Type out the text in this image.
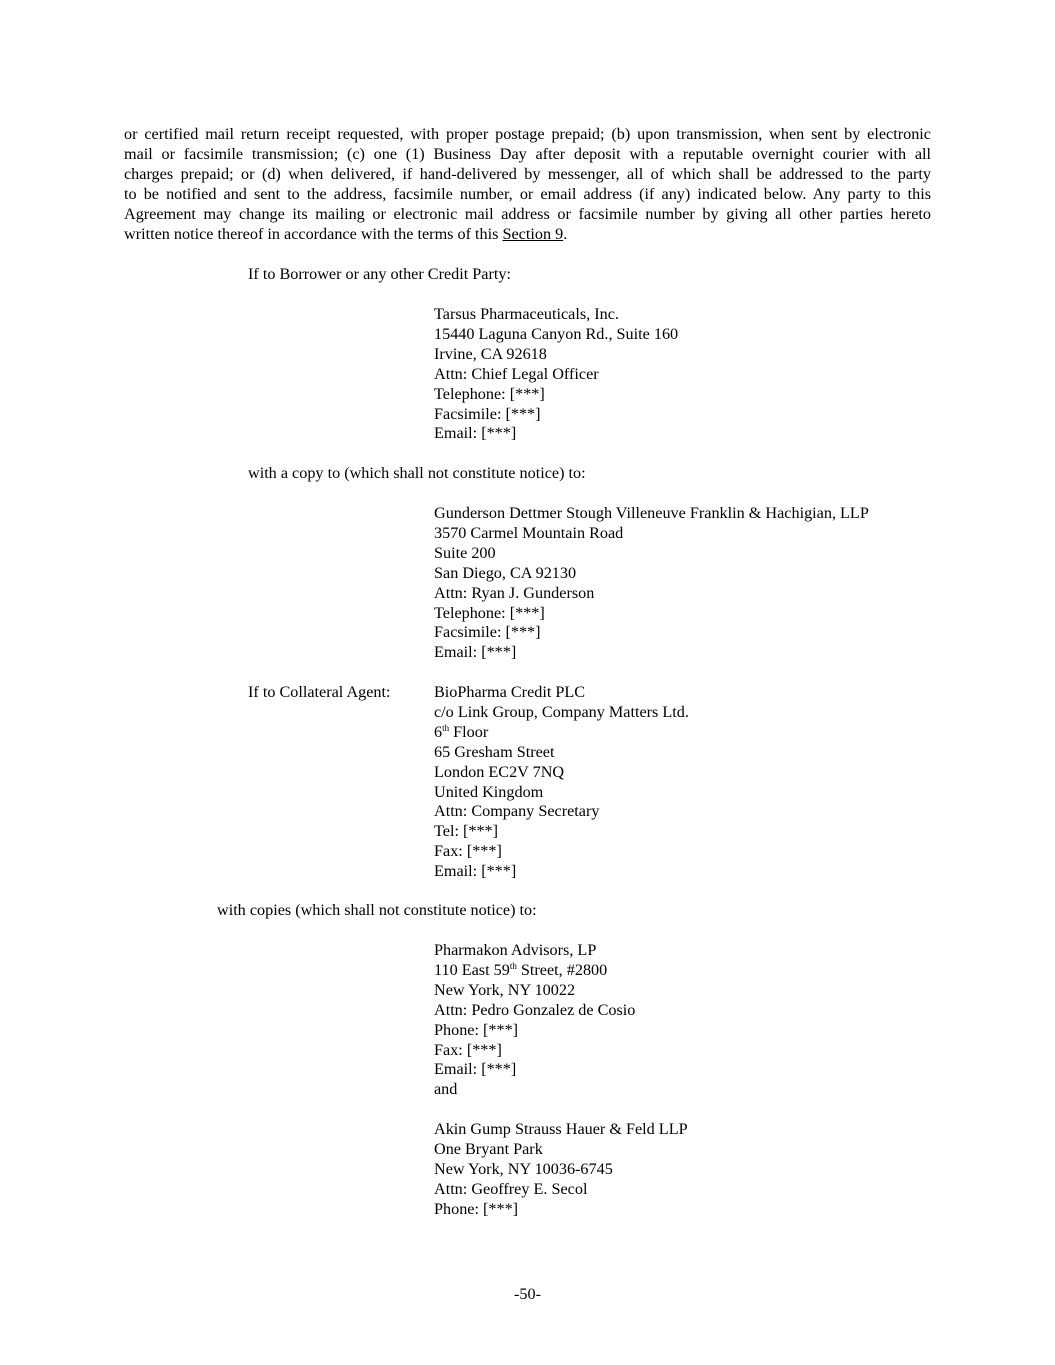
or certified mail return receipt requested, with proper postage prepaid; (b) upon transmission, when sent by electronic
mail or facsimile transmission; (c) one (1) Business Day after deposit with a reputable overnight courier with all
charges prepaid; or (d) when delivered, if hand-delivered by messenger, all of which shall be addressed to the party
to be notified and sent to the address, facsimile number, or email address (if any) indicated below. Any party to this
Agreement may change its mailing or electronic mail address or facsimile number by giving all other parties hereto
written notice thereof in accordance with the terms of this Section 9.
If to Borrower or any other Credit Party:
Tarsus Pharmaceuticals, Inc.
15440 Laguna Canyon Rd., Suite 160
Irvine, CA 92618
Attn: Chief Legal Officer
Telephone: [***]
Facsimile: [***]
Email: [***]
with a copy to (which shall not constitute notice) to:
Gunderson Dettmer Stough Villeneuve Franklin & Hachigian, LLP
3570 Carmel Mountain Road
Suite 200
San Diego, CA 92130
Attn: Ryan J. Gunderson
Telephone: [***]
Facsimile: [***]
Email: [***]
If to Collateral Agent:	BioPharma Credit PLC
c/o Link Group, Company Matters Ltd.
6th Floor
65 Gresham Street
London EC2V 7NQ
United Kingdom
Attn: Company Secretary
Tel: [***]
Fax: [***]
Email: [***]
with copies (which shall not constitute notice) to:
Pharmakon Advisors, LP
110 East 59th Street, #2800
New York, NY 10022
Attn: Pedro Gonzalez de Cosio
Phone: [***]
Fax: [***]
Email: [***]
and
Akin Gump Strauss Hauer & Feld LLP
One Bryant Park
New York, NY 10036-6745
Attn: Geoffrey E. Secol
Phone: [***]
-50-
